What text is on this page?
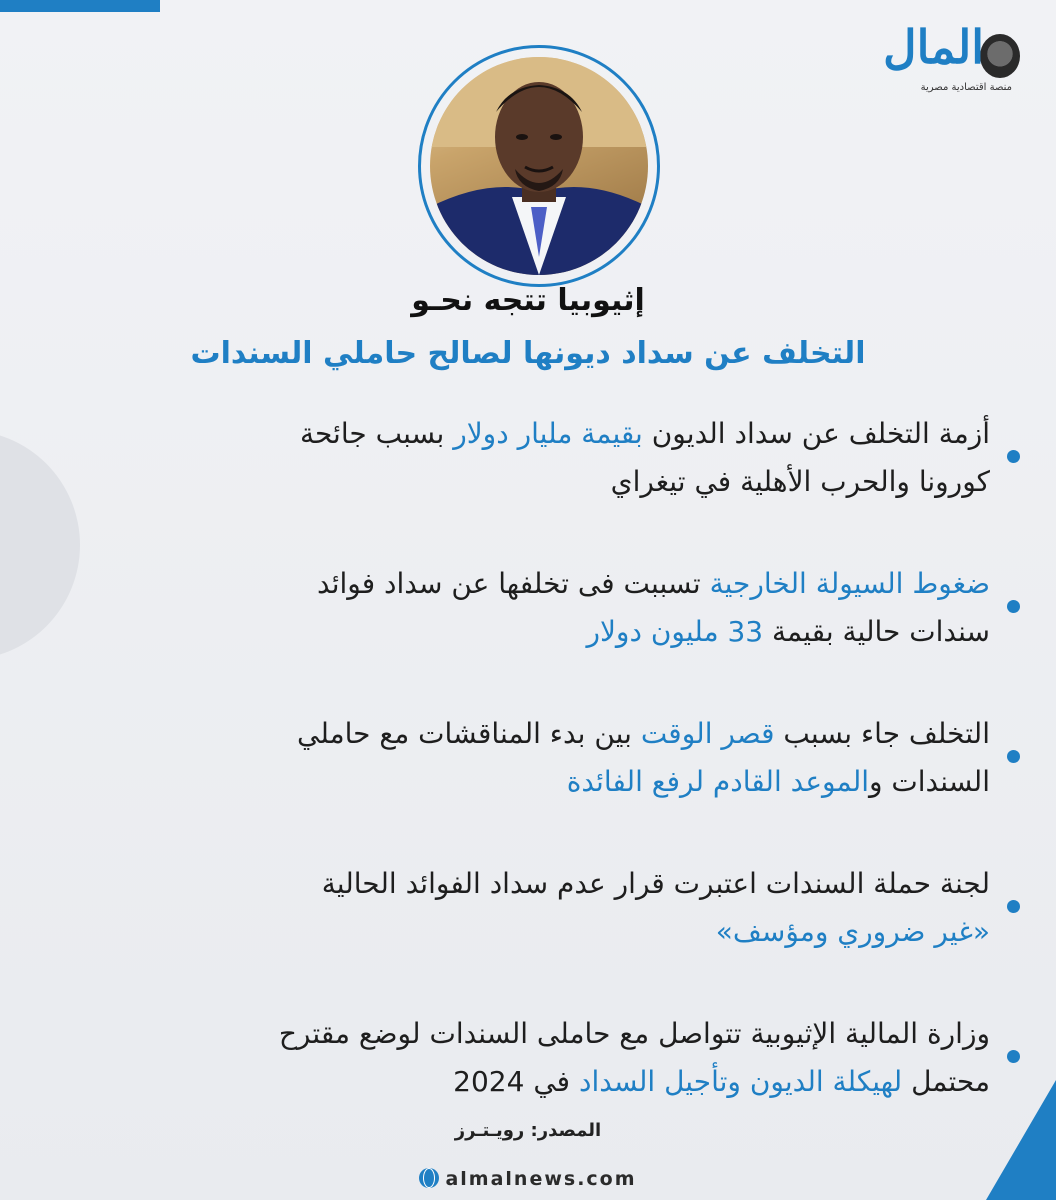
المال
منصة اقتصادية مصرية
إثيوبيا تتجه نحـو
التخلف عن سداد ديونها لصالح حاملي السندات
أزمة التخلف عن سداد الديون بقيمة مليار دولار بسبب جائحة
كورونا والحرب الأهلية في تيغراي
ضغوط السيولة الخارجية تسببت فى تخلفها عن سداد فوائد
سندات حالية بقيمة 33 مليون دولار
التخلف جاء بسبب قصر الوقت بين بدء المناقشات مع حاملي
السندات والموعد القادم لرفع الفائدة
لجنة حملة السندات اعتبرت قرار عدم سداد الفوائد الحالية
«غير ضروري ومؤسف»
وزارة المالية الإثيوبية تتواصل مع حاملى السندات لوضع مقترح
محتمل لهيكلة الديون وتأجيل السداد في 2024
المصدر: رويـتـرز
almalnews.com
